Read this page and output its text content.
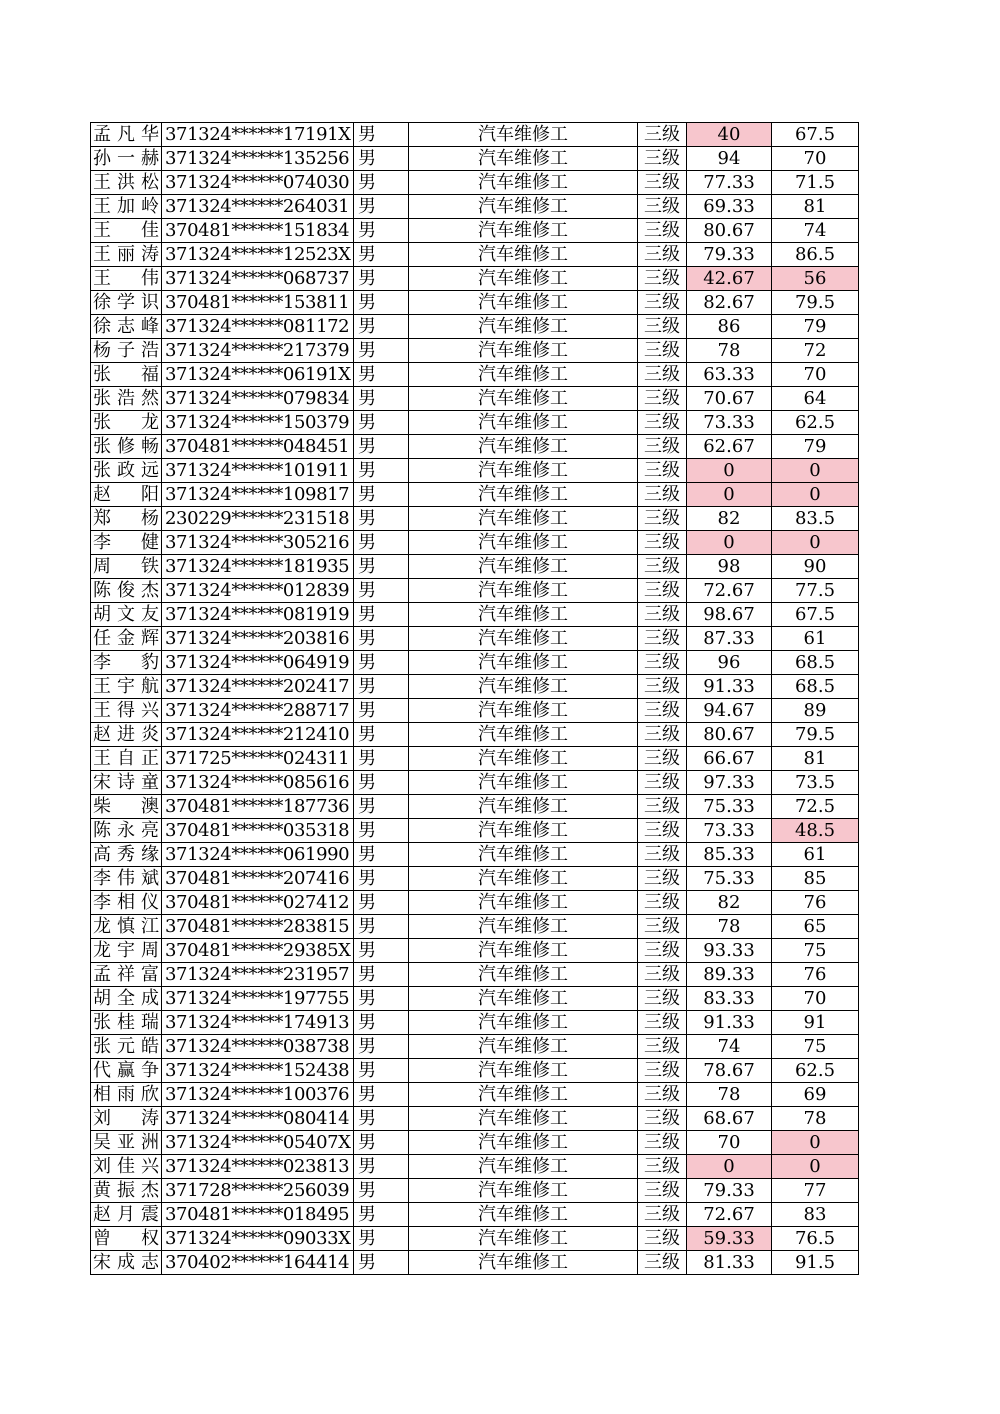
孟凡华	371324******17191X	男	汽车维修工	三级	40	67.5
孙一赫	371324******135256	男	汽车维修工	三级	94	70
王洪松	371324******074030	男	汽车维修工	三级	77.33	71.5
王加岭	371324******264031	男	汽车维修工	三级	69.33	81
王佳	370481******151834	男	汽车维修工	三级	80.67	74
王丽涛	371324******12523X	男	汽车维修工	三级	79.33	86.5
王伟	371324******068737	男	汽车维修工	三级	42.67	56
徐学识	370481******153811	男	汽车维修工	三级	82.67	79.5
徐志峰	371324******081172	男	汽车维修工	三级	86	79
杨子浩	371324******217379	男	汽车维修工	三级	78	72
张福	371324******06191X	男	汽车维修工	三级	63.33	70
张浩然	371324******079834	男	汽车维修工	三级	70.67	64
张龙	371324******150379	男	汽车维修工	三级	73.33	62.5
张修畅	370481******048451	男	汽车维修工	三级	62.67	79
张政远	371324******101911	男	汽车维修工	三级	0	0
赵阳	371324******109817	男	汽车维修工	三级	0	0
郑杨	230229******231518	男	汽车维修工	三级	82	83.5
李健	371324******305216	男	汽车维修工	三级	0	0
周铁	371324******181935	男	汽车维修工	三级	98	90
陈俊杰	371324******012839	男	汽车维修工	三级	72.67	77.5
胡文友	371324******081919	男	汽车维修工	三级	98.67	67.5
任金辉	371324******203816	男	汽车维修工	三级	87.33	61
李豹	371324******064919	男	汽车维修工	三级	96	68.5
王宇航	371324******202417	男	汽车维修工	三级	91.33	68.5
王得兴	371324******288717	男	汽车维修工	三级	94.67	89
赵进炎	371324******212410	男	汽车维修工	三级	80.67	79.5
王自正	371725******024311	男	汽车维修工	三级	66.67	81
宋诗童	371324******085616	男	汽车维修工	三级	97.33	73.5
柴澳	370481******187736	男	汽车维修工	三级	75.33	72.5
陈永亮	370481******035318	男	汽车维修工	三级	73.33	48.5
高秀缘	371324******061990	男	汽车维修工	三级	85.33	61
李伟斌	370481******207416	男	汽车维修工	三级	75.33	85
李相仪	370481******027412	男	汽车维修工	三级	82	76
龙慎江	370481******283815	男	汽车维修工	三级	78	65
龙宇周	370481******29385X	男	汽车维修工	三级	93.33	75
孟祥富	371324******231957	男	汽车维修工	三级	89.33	76
胡全成	371324******197755	男	汽车维修工	三级	83.33	70
张桂瑞	371324******174913	男	汽车维修工	三级	91.33	91
张元皓	371324******038738	男	汽车维修工	三级	74	75
代赢争	371324******152438	男	汽车维修工	三级	78.67	62.5
相雨欣	371324******100376	男	汽车维修工	三级	78	69
刘涛	371324******080414	男	汽车维修工	三级	68.67	78
吴亚洲	371324******05407X	男	汽车维修工	三级	70	0
刘佳兴	371324******023813	男	汽车维修工	三级	0	0
黄振杰	371728******256039	男	汽车维修工	三级	79.33	77
赵月震	370481******018495	男	汽车维修工	三级	72.67	83
曾权	371324******09033X	男	汽车维修工	三级	59.33	76.5
宋成志	370402******164414	男	汽车维修工	三级	81.33	91.5
